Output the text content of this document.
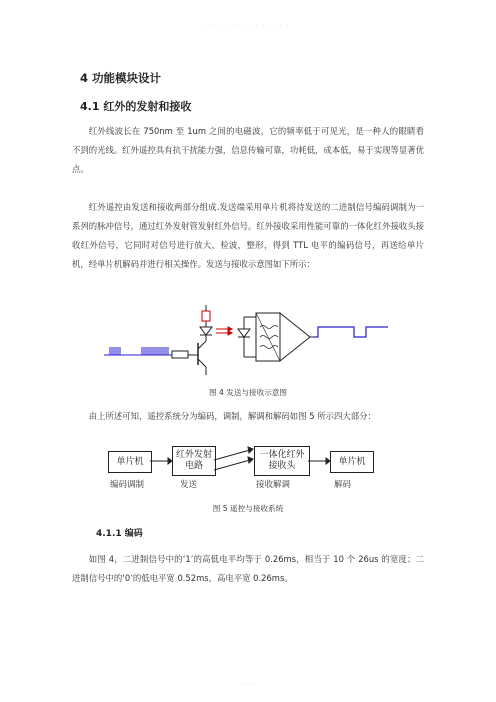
- - - - - - - - - - - - - -
4 功能模块设计
4.1 红外的发射和接收
红外线波长在 750nm 至 1um 之间的电磁波，它的频率低于可见光，是一种人的眼睛看不到的光线。红外遥控具有抗干扰能力强，信息传输可靠，功耗低，成本低，易于实现等显著优点。
红外遥控由发送和接收两部分组成.发送端采用单片机将待发送的二进制信号编码调制为一系列的脉冲信号，通过红外发射管发射红外信号。红外接收采用性能可靠的一体化红外接收头接收红外信号，它同时对信号进行放大，检波，整形，得到 TTL 电平的编码信号，再送给单片机，经单片机解码并进行相关操作。发送与接收示意图如下所示：
图 4 发送与接收示意图
由上所述可知，遥控系统分为编码，调制，解调和解码如图 5 所示四大部分：
单片机
红外发射电路
一体化红外接收头	单片机
编码调制	发送	接收解调	解码
图 5 遥控与接收系统
4.1.1 编码
如图 4，二进制信号中的‘1’的高低电平均等于 0.26ms，相当于 10 个 26us 的宽度；二进制信号中的‘0’的低电平宽 0.52ms，高电平宽 0.26ms。
- - -
